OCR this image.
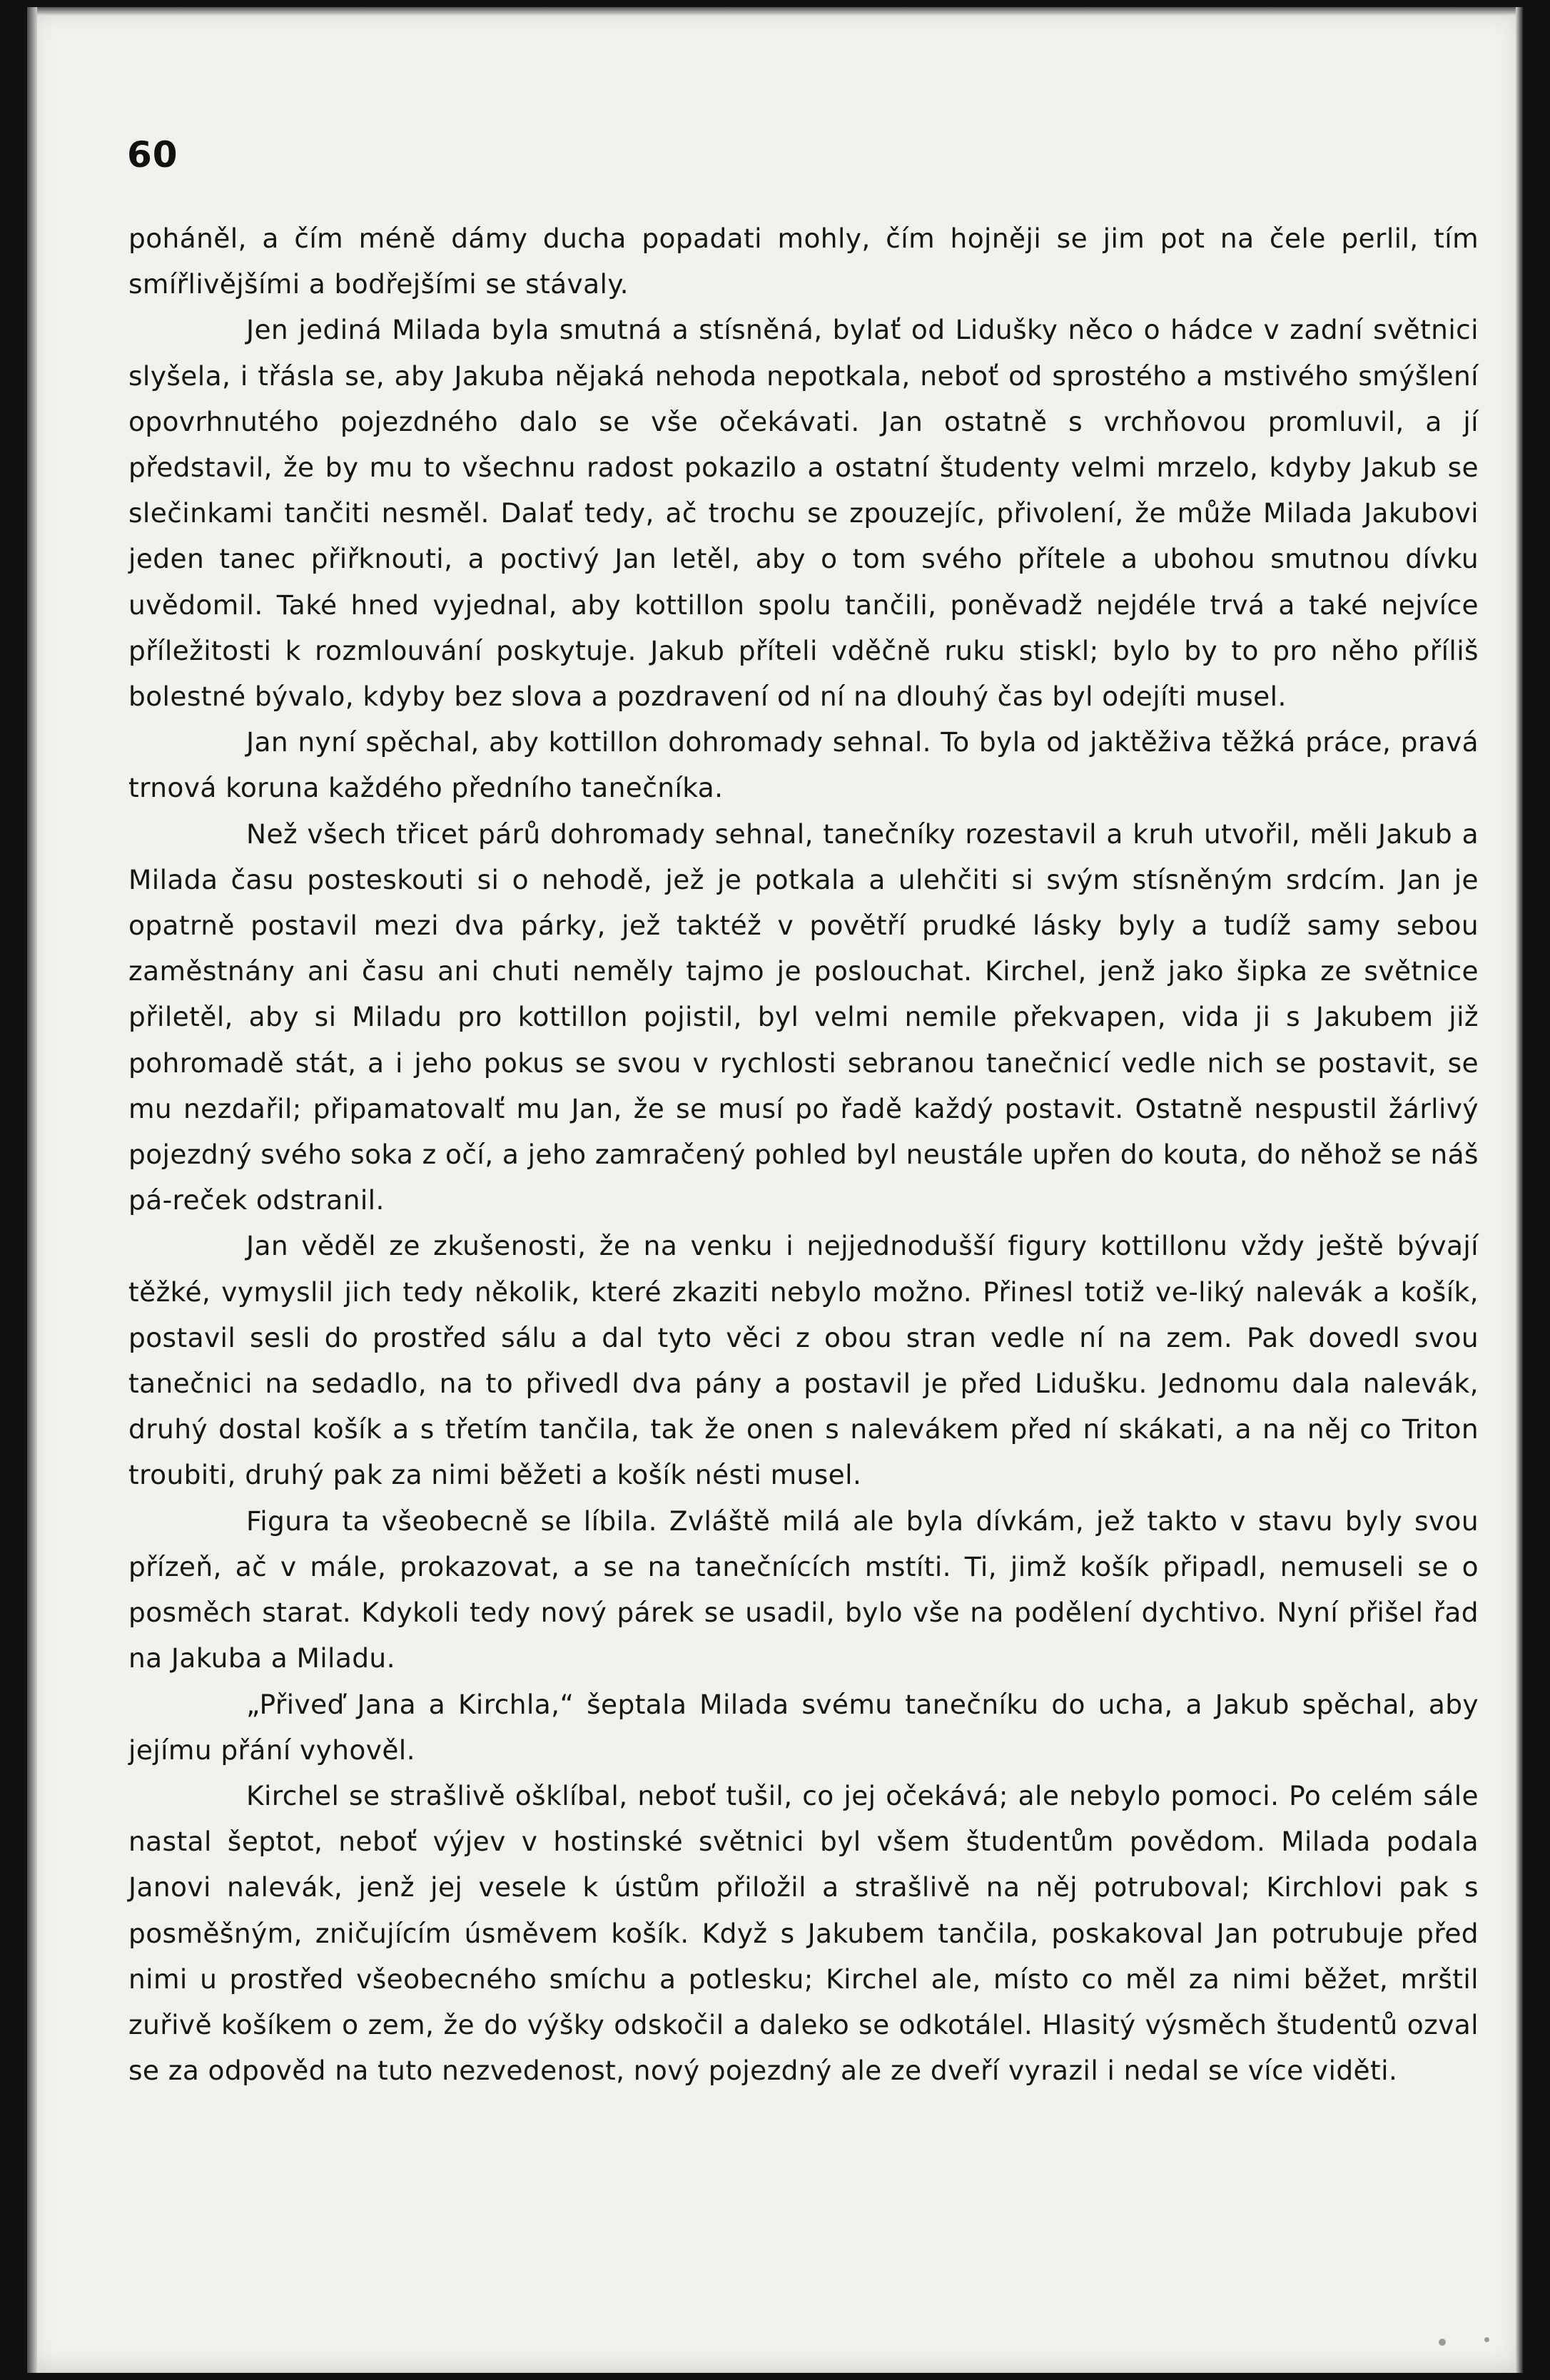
60

poháněl, a čím méně dámy ducha popadati mohly, čím hojněji se jim pot na čele perlil, tím smířlivějšími a bodřejšími se stávaly.

Jen jediná Milada byla smutná a stísněná, bylať od Lidušky něco o hádce v zadní světnici slyšela, i třásla se, aby Jakuba nějaká nehoda nepotkala, neboť od sprostého a mstivého smýšlení opovrhnutého pojezdného dalo se vše očekávati. Jan ostatně s vrchňovou promluvil, a jí představil, že by mu to všechnu radost pokazilo a ostatní študenty velmi mrzelo, kdyby Jakub se slečinkami tančiti nesměl. Dalať tedy, ač trochu se zpouzejíc, přivolení, že může Milada Jakubovi jeden tanec přiřknouti, a poctivý Jan letěl, aby o tom svého přítele a ubohou smutnou dívku uvědomil. Také hned vyjednal, aby kottillon spolu tančili, poněvadž nejdéle trvá a také nejvíce příležitosti k rozmlouvání poskytuje. Jakub příteli vděčně ruku stiskl; bylo by to pro něho příliš bolestné bývalo, kdyby bez slova a pozdravení od ní na dlouhý čas byl odejíti musel.

Jan nyní spěchal, aby kottillon dohromady sehnal. To byla od jaktěživa těžká práce, pravá trnová koruna každého předního tanečníka.

Než všech třicet párů dohromady sehnal, tanečníky rozestavil a kruh utvořil, měli Jakub a Milada času posteskouti si o nehodě, jež je potkala a ulehčiti si svým stísněným srdcím. Jan je opatrně postavil mezi dva párky, jež taktéž v povětří prudké lásky byly a tudíž samy sebou zaměstnány ani času ani chuti neměly tajmo je poslouchat. Kirchel, jenž jako šipka ze světnice přiletěl, aby si Miladu pro kottillon pojistil, byl velmi nemile překvapen, vida ji s Jakubem již pohromadě stát, a i jeho pokus se svou v rychlosti sebranou tanečnicí vedle nich se postavit, se mu nezdařil; připamatovalť mu Jan, že se musí po řadě každý postavit. Ostatně nespustil žárlivý pojezdný svého soka z očí, a jeho zamračený pohled byl neustále upřen do kouta, do něhož se náš pá-reček odstranil.

Jan věděl ze zkušenosti, že na venku i nejjednodušší figury kottillonu vždy ještě bývají těžké, vymyslil jich tedy několik, které zkaziti nebylo možno. Přinesl totiž ve-liký nalevák a košík, postavil sesli do prostřed sálu a dal tyto věci z obou stran vedle ní na zem. Pak dovedl svou tanečnici na sedadlo, na to přivedl dva pány a postavil je před Lidušku. Jednomu dala nalevák, druhý dostal košík a s třetím tančila, tak že onen s nalevákem před ní skákati, a na něj co Triton troubiti, druhý pak za nimi běžeti a košík nésti musel.

Figura ta všeobecně se líbila. Zvláště milá ale byla dívkám, jež takto v stavu byly svou přízeň, ač v mále, prokazovat, a se na tanečnících mstíti. Ti, jimž košík připadl, nemuseli se o posměch starat. Kdykoli tedy nový párek se usadil, bylo vše na podělení dychtivo. Nyní přišel řad na Jakuba a Miladu.

„Přiveď Jana a Kirchla,“ šeptala Milada svému tanečníku do ucha, a Jakub spěchal, aby jejímu přání vyhověl.

Kirchel se strašlivě ošklíbal, neboť tušil, co jej očekává; ale nebylo pomoci. Po celém sále nastal šeptot, neboť výjev v hostinské světnici byl všem študentům povědom. Milada podala Janovi nalevák, jenž jej vesele k ústům přiložil a strašlivě na něj potrubоval; Kirchlovi pak s posměšným, zničujícím úsměvem košík. Když s Jakubem tančila, poskakoval Jan potrubuje před nimi u prostřed všeobecného smíchu a potlesku; Kirchel ale, místo co měl za nimi běžet, mrštil zuřivě košíkem o zem, že do výšky odskočil a daleko se odkotálel. Hlasitý výsměch študentů ozval se za odpověd na tuto nezvedenost, nový pojezdný ale ze dveří vyrazil i nedal se více viděti.
